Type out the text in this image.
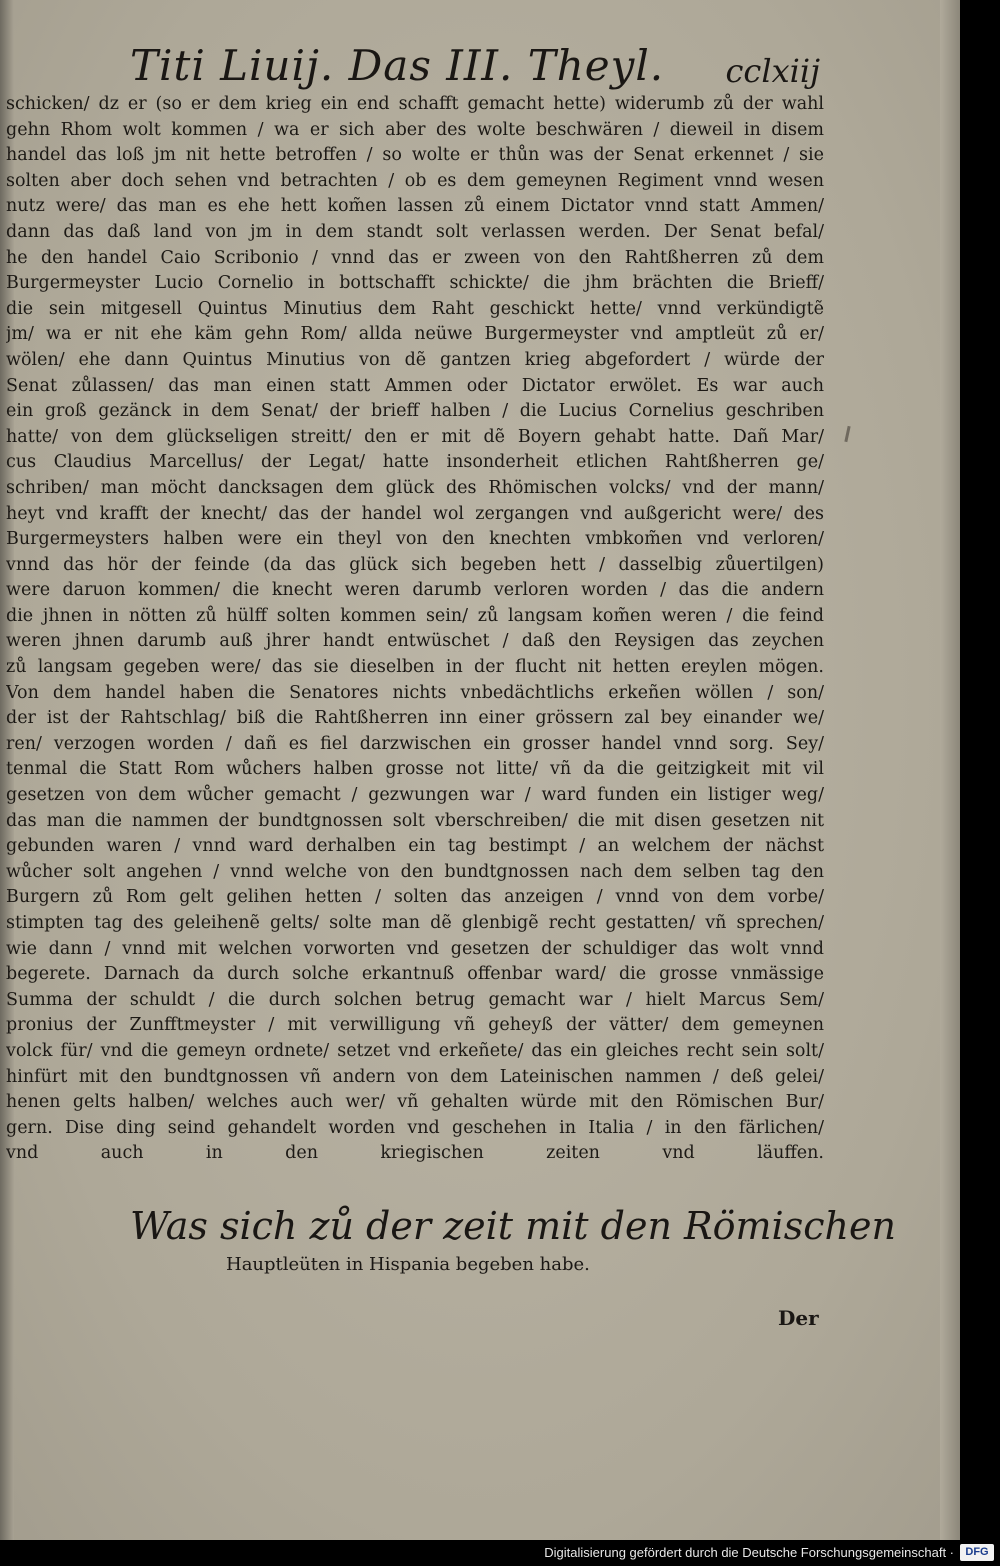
Titi Liuij. Das III. Theyl. cclxiij
schicken/ dz er (so er dem krieg ein end schafft gemacht hette) widerumb zů der wahl
gehn Rhom wolt kommen / wa er sich aber des wolte beschwären / dieweil in disem
handel das loß jm nit hette betroffen / so wolte er thůn was der Senat erkennet / sie
solten aber doch sehen vnd betrachten / ob es dem gemeynen Regiment vnnd wesen
nutz were/ das man es ehe hett kom̃en lassen zů einem Dictator vnnd statt Ammen/
dann das daß land von jm in dem standt solt verlassen werden. Der Senat befal/
he den handel Caio Scribonio / vnnd das er zween von den Rahtßherren zů dem
Burgermeyster Lucio Cornelio in bottschafft schickte/ die jhm brächten die Brieff/
die sein mitgesell Quintus Minutius dem Raht geschickt hette/ vnnd verkündigtẽ
jm/ wa er nit ehe käm gehn Rom/ allda neüwe Burgermeyster vnd amptleüt zů er/
wölen/ ehe dann Quintus Minutius von dẽ gantzen krieg abgefordert / würde der
Senat zůlassen/ das man einen statt Ammen oder Dictator erwölet. Es war auch
ein groß gezänck in dem Senat/ der brieff halben / die Lucius Cornelius geschriben
hatte/ von dem glückseligen streitt/ den er mit dẽ Boyern gehabt hatte. Dañ Mar/
cus Claudius Marcellus/ der Legat/ hatte insonderheit etlichen Rahtßherren ge/
schriben/ man möcht dancksagen dem glück des Rhömischen volcks/ vnd der mann/
heyt vnd krafft der knecht/ das der handel wol zergangen vnd außgericht were/ des
Burgermeysters halben were ein theyl von den knechten vmbkom̃en vnd verloren/
vnnd das hör der feinde (da das glück sich begeben hett / dasselbig zůuertilgen)
were daruon kommen/ die knecht weren darumb verloren worden / das die andern
die jhnen in nötten zů hülff solten kommen sein/ zů langsam kom̃en weren / die feind
weren jhnen darumb auß jhrer handt entwüschet / daß den Reysigen das zeychen
zů langsam gegeben were/ das sie dieselben in der flucht nit hetten ereylen mögen.
Von dem handel haben die Senatores nichts vnbedächtlichs erkeñen wöllen / son/
der ist der Rahtschlag/ biß die Rahtßherren inn einer grössern zal bey einander we/
ren/ verzogen worden / dañ es fiel darzwischen ein grosser handel vnnd sorg. Sey/
tenmal die Statt Rom wůchers halben grosse not litte/ vñ da die geitzigkeit mit vil
gesetzen von dem wůcher gemacht / gezwungen war / ward funden ein listiger weg/
das man die nammen der bundtgnossen solt vberschreiben/ die mit disen gesetzen nit
gebunden waren / vnnd ward derhalben ein tag bestimpt / an welchem der nächst
wůcher solt angehen / vnnd welche von den bundtgnossen nach dem selben tag den
Burgern zů Rom gelt gelihen hetten / solten das anzeigen / vnnd von dem vorbe/
stimpten tag des geleihenẽ gelts/ solte man dẽ glenbigẽ recht gestatten/ vñ sprechen/
wie dann / vnnd mit welchen vorworten vnd gesetzen der schuldiger das wolt vnnd
begerete. Darnach da durch solche erkantnuß offenbar ward/ die grosse vnmässige
Summa der schuldt / die durch solchen betrug gemacht war / hielt Marcus Sem/
pronius der Zunfftmeyster / mit verwilligung vñ geheyß der vätter/ dem gemeynen
volck für/ vnd die gemeyn ordnete/ setzet vnd erkeñete/ das ein gleiches recht sein solt/
hinfürt mit den bundtgnossen vñ andern von dem Lateinischen nammen / deß gelei/
henen gelts halben/ welches auch wer/ vñ gehalten würde mit den Römischen Bur/
gern. Dise ding seind gehandelt worden vnd geschehen in Italia / in den färlichen/
vnd auch in den kriegischen zeiten vnd läuffen.
Was sich zů der zeit mit den Römischen
Hauptleüten in Hispania begeben habe.
Der
Digitalisierung gefördert durch die Deutsche Forschungsgemeinschaft ·	DFG
